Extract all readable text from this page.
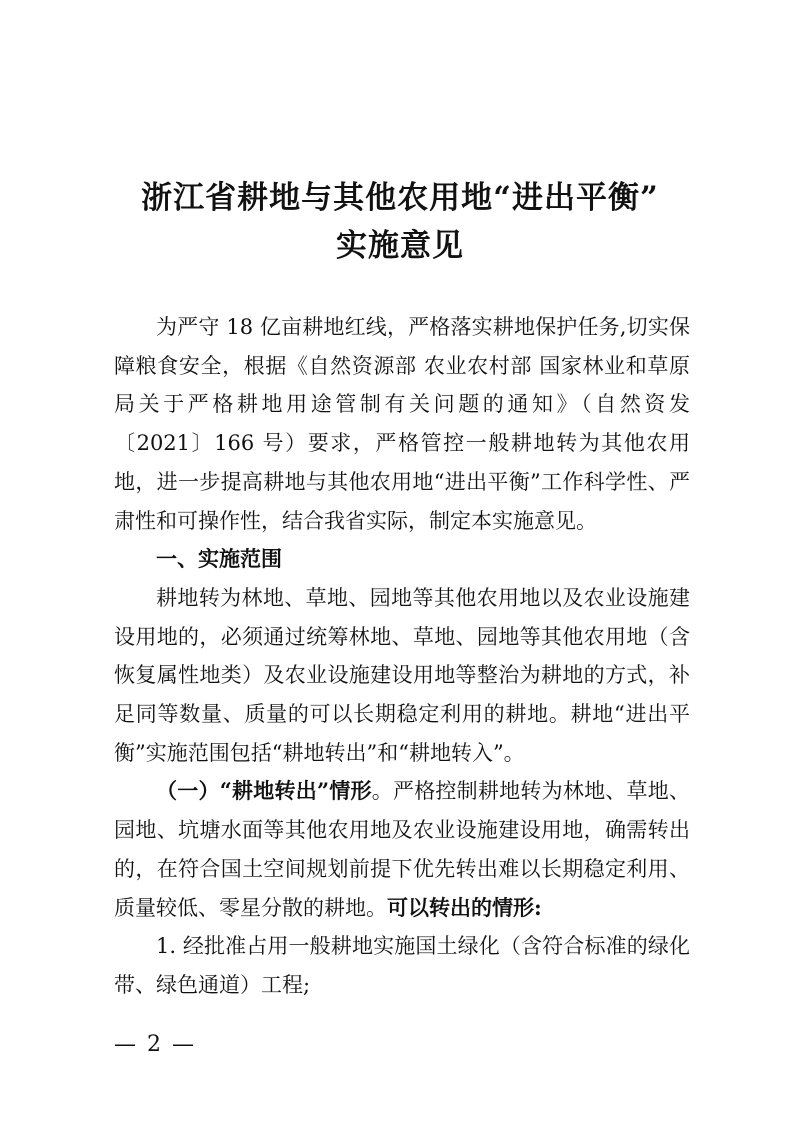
浙江省耕地与其他农用地“进出平衡”
实施意见

为严守 18 亿亩耕地红线，严格落实耕地保护任务,切实保障粮食安全，根据《自然资源部 农业农村部 国家林业和草原局关于严格耕地用途管制有关问题的通知》（自然资发〔2021〕166 号）要求，严格管控一般耕地转为其他农用地，进一步提高耕地与其他农用地“进出平衡”工作科学性、严肃性和可操作性，结合我省实际，制定本实施意见。

一、实施范围

耕地转为林地、草地、园地等其他农用地以及农业设施建设用地的，必须通过统筹林地、草地、园地等其他农用地（含恢复属性地类）及农业设施建设用地等整治为耕地的方式，补足同等数量、质量的可以长期稳定利用的耕地。耕地“进出平衡”实施范围包括“耕地转出”和“耕地转入”。

（一）“耕地转出”情形。严格控制耕地转为林地、草地、园地、坑塘水面等其他农用地及农业设施建设用地，确需转出的，在符合国土空间规划前提下优先转出难以长期稳定利用、质量较低、零星分散的耕地。可以转出的情形:

1. 经批准占用一般耕地实施国土绿化（含符合标准的绿化带、绿色通道）工程;

— 2 —
